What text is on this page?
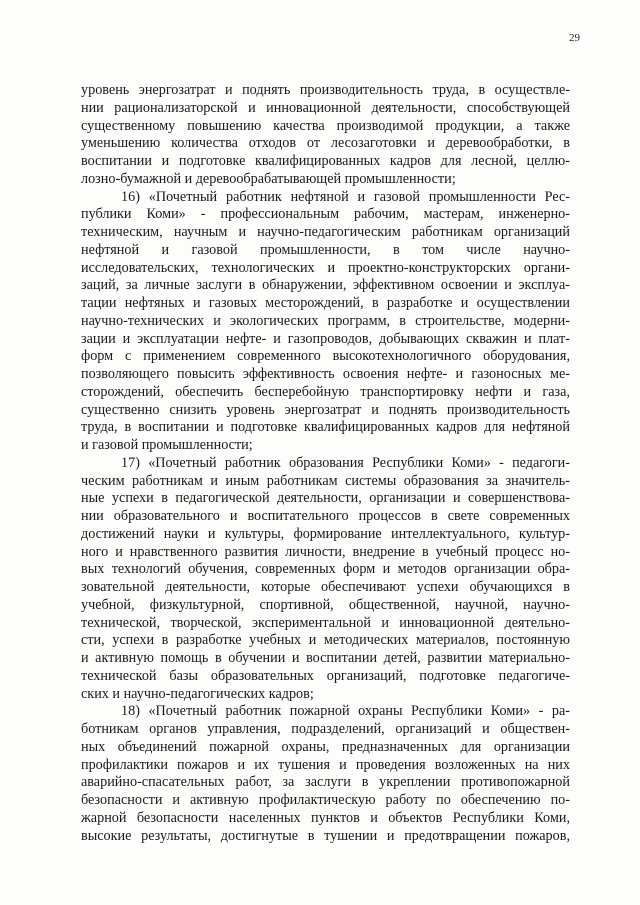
29
уровень энергозатрат и поднять производительность труда, в осуществле-
нии рационализаторской и инновационной деятельности, способствующей
существенному повышению качества производимой продукции, а также
уменьшению количества отходов от лесозаготовки и деревообработки, в
воспитании и подготовке квалифицированных кадров для лесной, целлю-
лозно-бумажной и деревообрабатывающей промышленности;
16) «Почетный работник нефтяной и газовой промышленности Рес-
публики Коми» - профессиональным рабочим, мастерам, инженерно-
техническим, научным и научно-педагогическим работникам организаций
нефтяной и газовой промышленности, в том числе научно-
исследовательских, технологических и проектно-конструкторских органи-
заций, за личные заслуги в обнаружении, эффективном освоении и эксплуа-
тации нефтяных и газовых месторождений, в разработке и осуществлении
научно-технических и экологических программ, в строительстве, модерни-
зации и эксплуатации нефте- и газопроводов, добывающих скважин и плат-
форм с применением современного высокотехнологичного оборудования,
позволяющего повысить эффективность освоения нефте- и газоносных ме-
сторождений, обеспечить бесперебойную транспортировку нефти и газа,
существенно снизить уровень энергозатрат и поднять производительность
труда, в воспитании и подготовке квалифицированных кадров для нефтяной
и газовой промышленности;
17) «Почетный работник образования Республики Коми» - педагоги-
ческим работникам и иным работникам системы образования за значитель-
ные успехи в педагогической деятельности, организации и совершенствова-
нии образовательного и воспитательного процессов в свете современных
достижений науки и культуры, формирование интеллектуального, культур-
ного и нравственного развития личности, внедрение в учебный процесс но-
вых технологий обучения, современных форм и методов организации обра-
зовательной деятельности, которые обеспечивают успехи обучающихся в
учебной, физкультурной, спортивной, общественной, научной, научно-
технической, творческой, экспериментальной и инновационной деятельно-
сти, успехи в разработке учебных и методических материалов, постоянную
и активную помощь в обучении и воспитании детей, развитии материально-
технической базы образовательных организаций, подготовке педагогиче-
ских и научно-педагогических кадров;
18) «Почетный работник пожарной охраны Республики Коми» - ра-
ботникам органов управления, подразделений, организаций и обществен-
ных объединений пожарной охраны, предназначенных для организации
профилактики пожаров и их тушения и проведения возложенных на них
аварийно-спасательных работ, за заслуги в укреплении противопожарной
безопасности и активную профилактическую работу по обеспечению по-
жарной безопасности населенных пунктов и объектов Республики Коми,
высокие результаты, достигнутые в тушении и предотвращении пожаров,
